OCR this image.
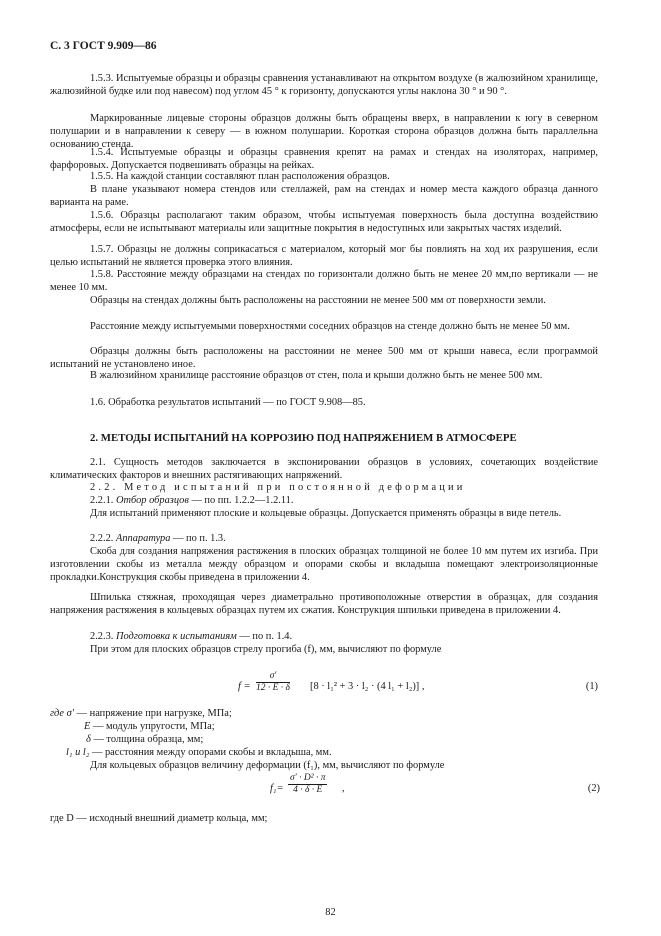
С. 3 ГОСТ 9.909—86

1.5.3. Испытуемые образцы и образцы сравнения устанавливают на открытом воздухе (в жалюзийном хранилище, жалюзийной будке или под навесом) под углом 45 ° к горизонту, допускаются углы наклона 30 ° и 90 °.

Маркированные лицевые стороны образцов должны быть обращены вверх, в направлении к югу в северном полушарии и в направлении к северу — в южном полушарии. Короткая сторона образцов должна быть параллельна основанию стенда.

1.5.4. Испытуемые образцы и образцы сравнения крепят на рамах и стендах на изоляторах, например, фарфоровых. Допускается подвешивать образцы на рейках.

1.5.5. На каждой станции составляют план расположения образцов.

В плане указывают номера стендов или стеллажей, рам на стендах и номер места каждого образца данного варианта на раме.

1.5.6. Образцы располагают таким образом, чтобы испытуемая поверхность была доступна воздействию атмосферы, если не испытывают материалы или защитные покрытия в недоступных или закрытых частях изделий.

1.5.7. Образцы не должны соприкасаться с материалом, который мог бы повлиять на ход их разрушения, если целью испытаний не является проверка этого влияния.

1.5.8. Расстояние между образцами на стендах по горизонтали должно быть не менее 20 мм,по вертикали — не менее 10 мм.

Образцы на стендах должны быть расположены на расстоянии не менее 500 мм от поверхности земли.

Расстояние между испытуемыми поверхностями соседних образцов на стенде должно быть не менее 50 мм.

Образцы должны быть расположены на расстоянии не менее 500 мм от крыши навеса, если программой испытаний не установлено иное.

В жалюзийном хранилище расстояние образцов от стен, пола и крыши должно быть не менее 500 мм.

1.6. Обработка результатов испытаний — по ГОСТ 9.908—85.

2. МЕТОДЫ ИСПЫТАНИЙ НА КОРРОЗИЮ ПОД НАПРЯЖЕНИЕМ В АТМОСФЕРЕ

2.1. Сущность методов заключается в экспонировании образцов в условиях, сочетающих воздействие климатических факторов и внешних растягивающих напряжений.

2.2. Метод испытаний при постоянной деформации

2.2.1. Отбор образцов — по пп. 1.2.2—1.2.11.

Для испытаний применяют плоские и кольцевые образцы. Допускается применять образцы в виде петель.

2.2.2. Аппаратура — по п. 1.3.

Скоба для создания напряжения растяжения в плоских образцах толщиной не более 10 мм путем их изгиба. При изготовлении скобы из металла между образцом и опорами скобы и вкладыша помещают электроизоляционные прокладки.Конструкция скобы приведена в приложении 4.

Шпилька стяжная, проходящая через диаметрально противоположные отверстия в образцах, для создания напряжения растяжения в кольцевых образцах путем их сжатия. Конструкция шпильки приведена в приложении 4.

2.2.3. Подготовка к испытаниям — по п. 1.4.

При этом для плоских образцов стрелу прогиба (f), мм, вычисляют по формуле

$f = \frac{\sigma'}{12 \cdot E \cdot \delta} [8 \cdot l_1^2 + 3 \cdot l_2 \cdot (4$ l₁ + l₂)] ,	(1)
где σ′ — напряжение при нагрузке, МПа;
E — модуль упругости, МПа;
δ — толщина образца, мм;
l₁ и l₂ — расстояния между опорами скобы и вкладыша, мм.

Для кольцевых образцов величину деформации (f₁), мм, вычисляют по формуле

$f_1= \frac{\text{σ′ · D² · π}}{4 \cdot \delta \cdot E}$ ,	(2)
где D — исходный внешний диаметр кольца, мм;
82
